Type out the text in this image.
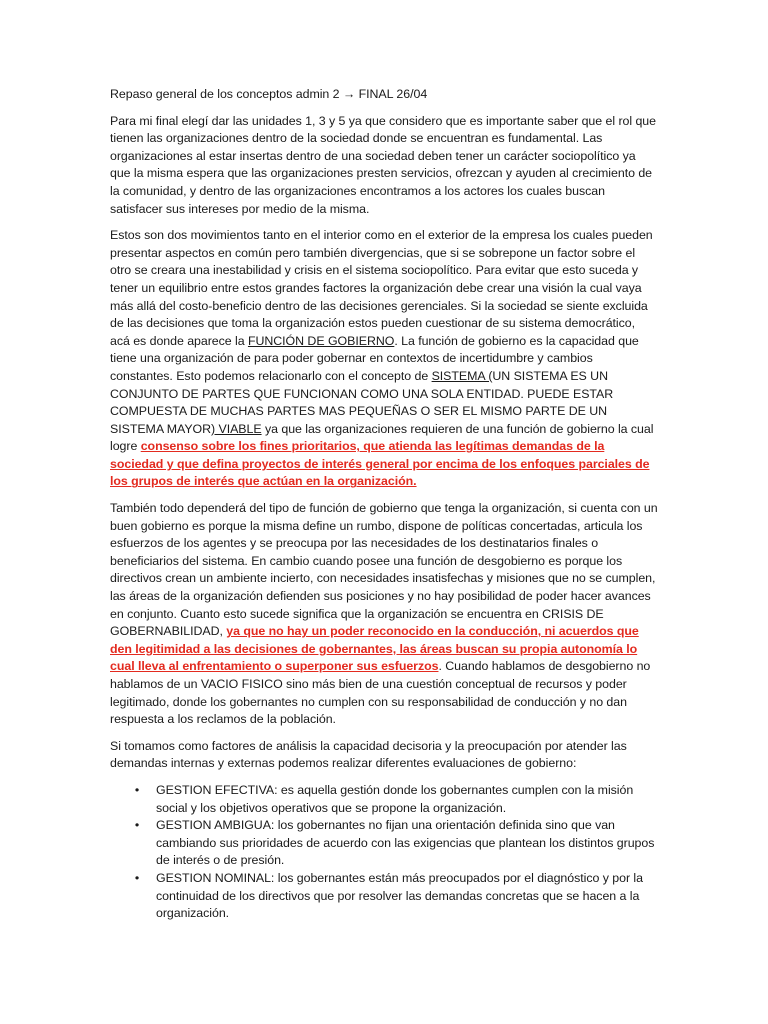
Repaso general de los conceptos admin 2 → FINAL 26/04

Para mi final elegí dar las unidades 1, 3 y 5 ya que considero que es importante saber que el rol que tienen las organizaciones dentro de la sociedad donde se encuentran es fundamental. Las organizaciones al estar insertas dentro de una sociedad deben tener un carácter sociopolítico ya que la misma espera que las organizaciones presten servicios, ofrezcan y ayuden al crecimiento de la comunidad, y dentro de las organizaciones encontramos a los actores los cuales buscan satisfacer sus intereses por medio de la misma.

Estos son dos movimientos tanto en el interior como en el exterior de la empresa los cuales pueden presentar aspectos en común pero también divergencias, que si se sobrepone un factor sobre el otro se creara una inestabilidad y crisis en el sistema sociopolítico. Para evitar que esto suceda y tener un equilibrio entre estos grandes factores la organización debe crear una visión la cual vaya más allá del costo-beneficio dentro de las decisiones gerenciales. Si la sociedad se siente excluida de las decisiones que toma la organización estos pueden cuestionar de su sistema democrático, acá es donde aparece la FUNCIÓN DE GOBIERNO. La función de gobierno es la capacidad que tiene una organización de para poder gobernar en contextos de incertidumbre y cambios constantes. Esto podemos relacionarlo con el concepto de SISTEMA (UN SISTEMA ES UN CONJUNTO DE PARTES QUE FUNCIONAN COMO UNA SOLA ENTIDAD. PUEDE ESTAR COMPUESTA DE MUCHAS PARTES MAS PEQUEÑAS O SER EL MISMO PARTE DE UN SISTEMA MAYOR) VIABLE ya que las organizaciones requieren de una función de gobierno la cual logre consenso sobre los fines prioritarios, que atienda las legítimas demandas de la sociedad y que defina proyectos de interés general por encima de los enfoques parciales de los grupos de interés que actúan en la organización.

También todo dependerá del tipo de función de gobierno que tenga la organización, si cuenta con un buen gobierno es porque la misma define un rumbo, dispone de políticas concertadas, articula los esfuerzos de los agentes y se preocupa por las necesidades de los destinatarios finales o beneficiarios del sistema. En cambio cuando posee una función de desgobierno es porque los directivos crean un ambiente incierto, con necesidades insatisfechas y misiones que no se cumplen, las áreas de la organización defienden sus posiciones y no hay posibilidad de poder hacer avances en conjunto. Cuanto esto sucede significa que la organización se encuentra en CRISIS DE GOBERNABILIDAD, ya que no hay un poder reconocido en la conducción, ni acuerdos que den legitimidad a las decisiones de gobernantes, las áreas buscan su propia autonomía lo cual lleva al enfrentamiento o superponer sus esfuerzos. Cuando hablamos de desgobierno no hablamos de un VACIO FISICO sino más bien de una cuestión conceptual de recursos y poder legitimado, donde los gobernantes no cumplen con su responsabilidad de conducción y no dan respuesta a los reclamos de la población.

Si tomamos como factores de análisis la capacidad decisoria y la preocupación por atender las demandas internas y externas podemos realizar diferentes evaluaciones de gobierno:

• GESTION EFECTIVA: es aquella gestión donde los gobernantes cumplen con la misión social y los objetivos operativos que se propone la organización.
• GESTION AMBIGUA: los gobernantes no fijan una orientación definida sino que van cambiando sus prioridades de acuerdo con las exigencias que plantean los distintos grupos de interés o de presión.
• GESTION NOMINAL: los gobernantes están más preocupados por el diagnóstico y por la continuidad de los directivos que por resolver las demandas concretas que se hacen a la organización.
